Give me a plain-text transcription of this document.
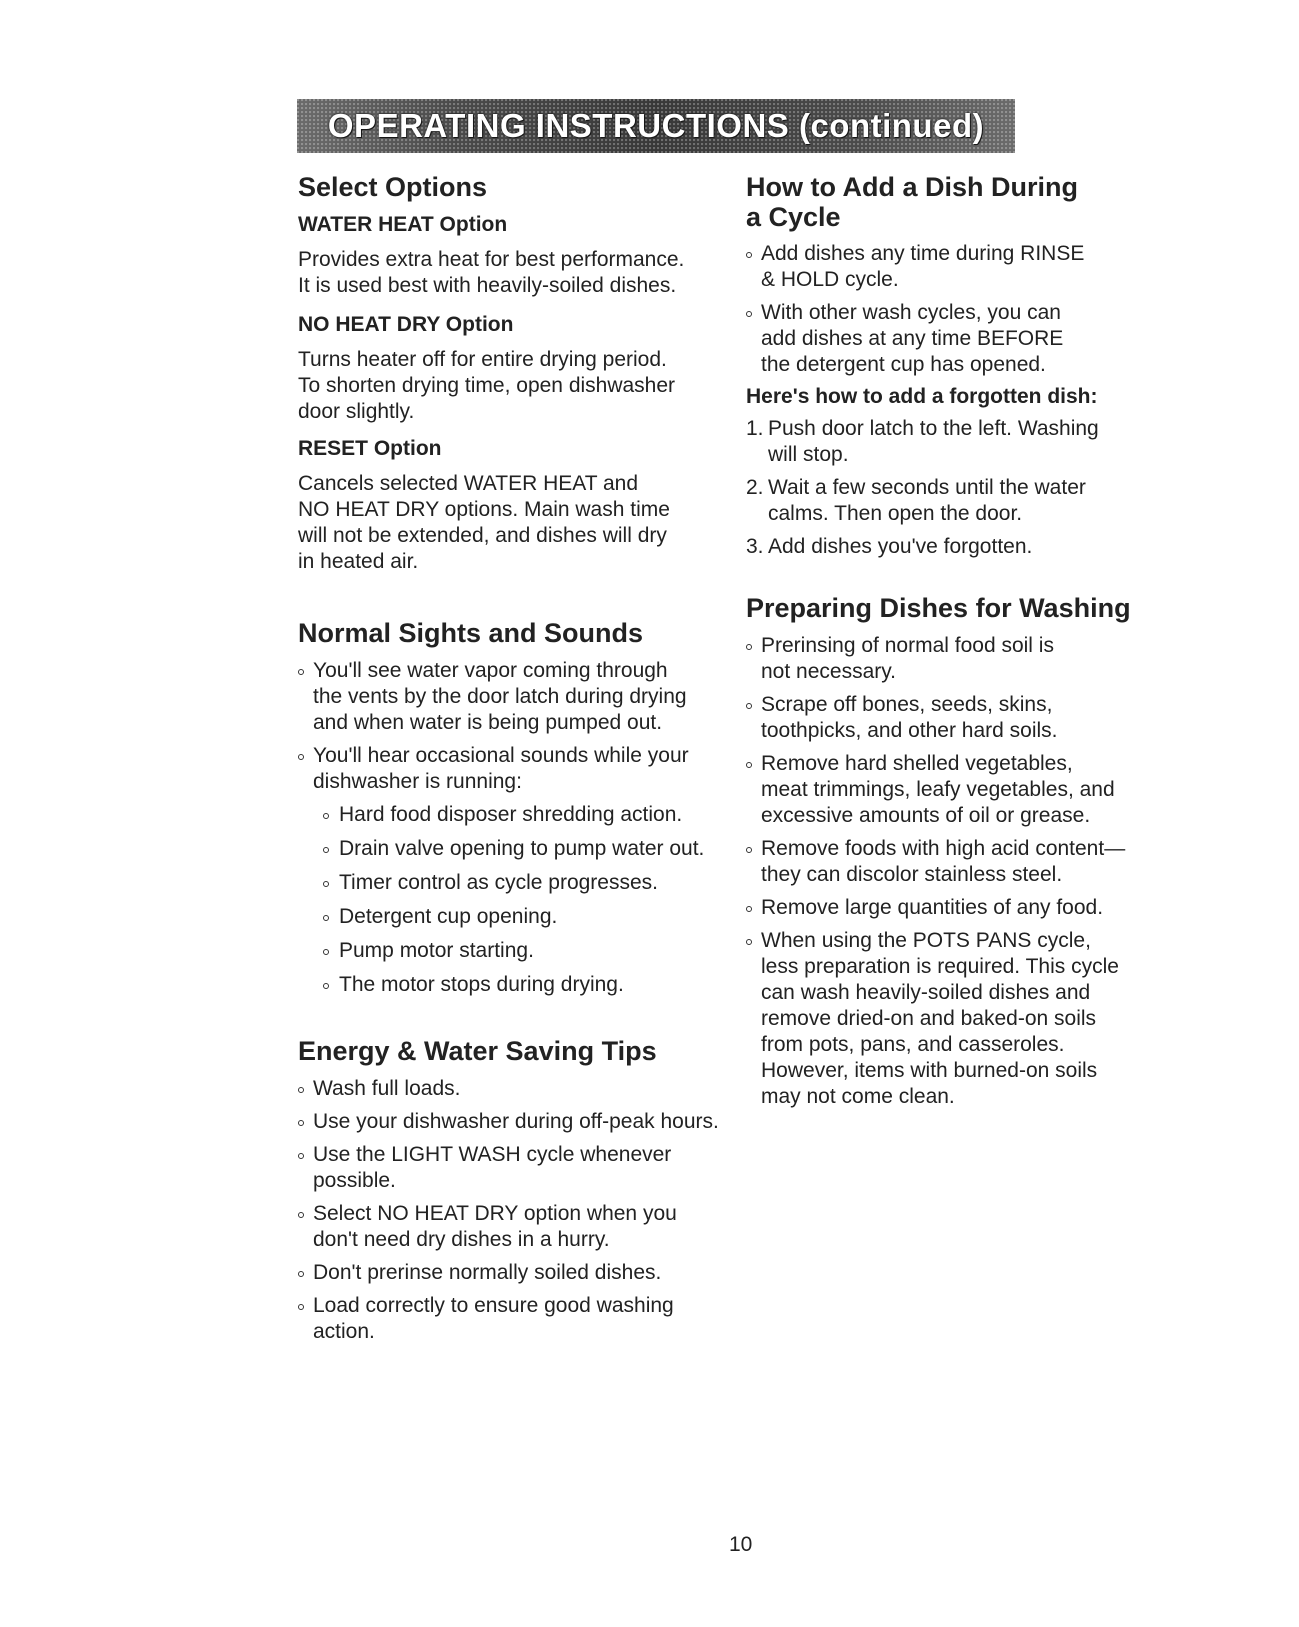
OPERATING INSTRUCTIONS (continued)
Select Options
WATER HEAT Option

Provides extra heat for best performance.
It is used best with heavily-soiled dishes.

NO HEAT DRY Option

Turns heater off for entire drying period.
To shorten drying time, open dishwasher
door slightly.

RESET Option

Cancels selected WATER HEAT and
NO HEAT DRY options. Main wash time
will not be extended, and dishes will dry
in heated air.

Normal Sights and Sounds
You'll see water vapor coming through
the vents by the door latch during drying
and when water is being pumped out.
You'll hear occasional sounds while your
dishwasher is running:
Hard food disposer shredding action.
Drain valve opening to pump water out.
Timer control as cycle progresses.
Detergent cup opening.
Pump motor starting.
The motor stops during drying.
Energy & Water Saving Tips
Wash full loads.
Use your dishwasher during off-peak hours.
Use the LIGHT WASH cycle whenever
possible.
Select NO HEAT DRY option when you
don't need dry dishes in a hurry.
Don't prerinse normally soiled dishes.
Load correctly to ensure good washing
action.
How to Add a Dish During
a Cycle
Add dishes any time during RINSE
& HOLD cycle.
With other wash cycles, you can
add dishes at any time BEFORE
the detergent cup has opened.
Here's how to add a forgotten dish:
1. Push door latch to the left. Washing
will stop.
2. Wait a few seconds until the water
calms. Then open the door.
3. Add dishes you've forgotten.
Preparing Dishes for Washing
Prerinsing of normal food soil is
not necessary.
Scrape off bones, seeds, skins,
toothpicks, and other hard soils.
Remove hard shelled vegetables,
meat trimmings, leafy vegetables, and
excessive amounts of oil or grease.
Remove foods with high acid content—
they can discolor stainless steel.
Remove large quantities of any food.
When using the POTS PANS cycle,
less preparation is required. This cycle
can wash heavily-soiled dishes and
remove dried-on and baked-on soils
from pots, pans, and casseroles.
However, items with burned-on soils
may not come clean.
10
